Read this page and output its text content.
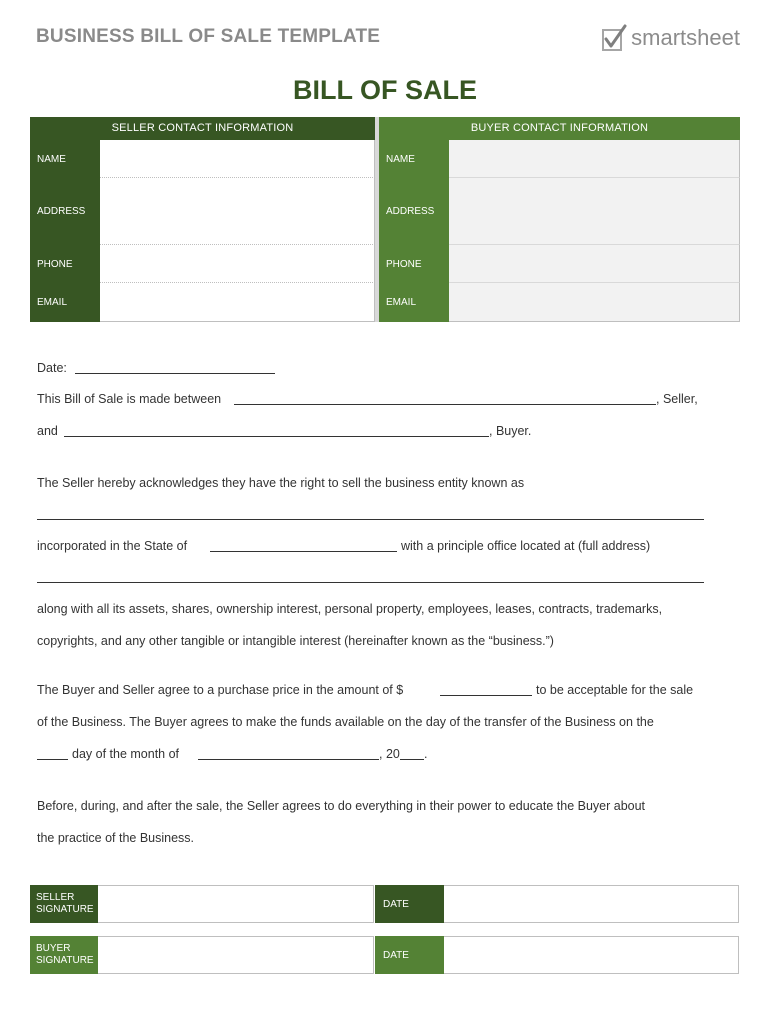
BUSINESS BILL OF SALE TEMPLATE	smartsheet
BILL OF SALE
SELLER CONTACT INFORMATION	BUYER CONTACT INFORMATION
NAME
ADDRESS
PHONE
EMAIL
NAME
ADDRESS
PHONE
EMAIL
Date:
This Bill of Sale is made between	, Seller,
and	, Buyer.
The Seller hereby acknowledges they have the right to sell the business entity known as
incorporated in the State of	with a principle office located at (full address)
along with all its assets, shares, ownership interest, personal property, employees, leases, contracts, trademarks,
copyrights, and any other tangible or intangible interest (hereinafter known as the “business.”)
The Buyer and Seller agree to a purchase price in the amount of $	to be acceptable for the sale
of the Business. The Buyer agrees to make the funds available on the day of the transfer of the Business on the
day of the month of	, 20 .
Before, during, and after the sale, the Seller agrees to do everything in their power to educate the Buyer about
the practice of the Business.
SELLER
SIGNATURE	DATE
BUYER
SIGNATURE	DATE
